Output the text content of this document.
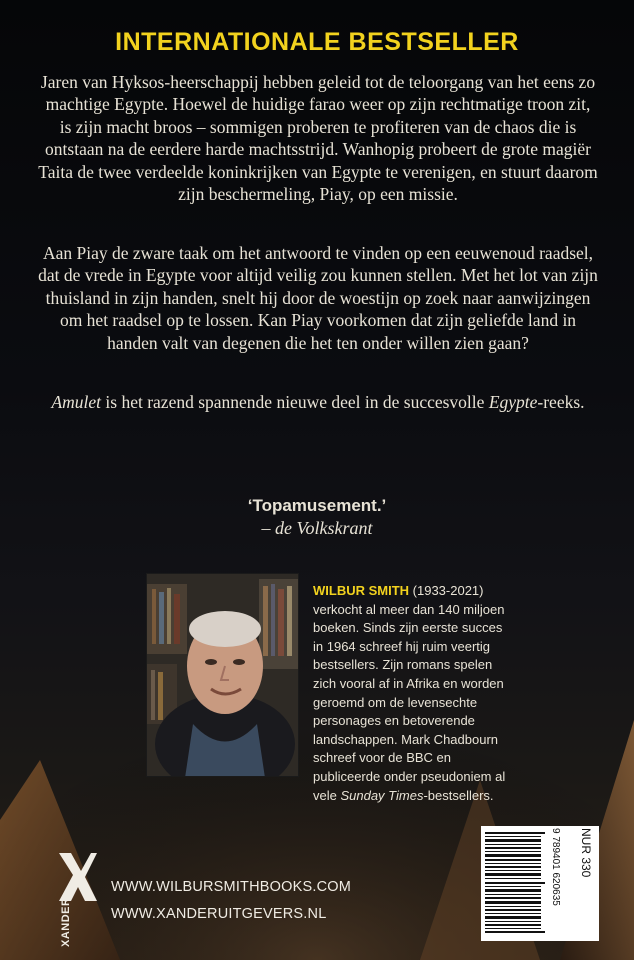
INTERNATIONALE BESTSELLER
Jaren van Hyksos-heerschappij hebben geleid tot de teloorgang van het eens zo machtige Egypte. Hoewel de huidige farao weer op zijn rechtmatige troon zit, is zijn macht broos – sommigen proberen te profiteren van de chaos die is ontstaan na de eerdere harde machtsstrijd. Wanhopig probeert de grote magiër Taita de twee verdeelde koninkrijken van Egypte te verenigen, en stuurt daarom zijn beschermeling, Piay, op een missie.
Aan Piay de zware taak om het antwoord te vinden op een eeuwenoud raadsel, dat de vrede in Egypte voor altijd veilig zou kunnen stellen. Met het lot van zijn thuisland in zijn handen, snelt hij door de woestijn op zoek naar aanwijzingen om het raadsel op te lossen. Kan Piay voorkomen dat zijn geliefde land in handen valt van degenen die het ten onder willen zien gaan?
Amulet is het razend spannende nieuwe deel in de succesvolle Egypte-reeks.
‘Topamusement.’
– de Volkskrant
WILBUR SMITH (1933-2021) verkocht al meer dan 140 miljoen boeken. Sinds zijn eerste succes in 1964 schreef hij ruim veertig bestsellers. Zijn romans spelen zich vooral af in Afrika en worden geroemd om de levensechte personages en betoverende landschappen. Mark Chadbourn schreef voor de BBC en publiceerde onder pseudoniem al vele Sunday Times-bestsellers.
XANDER
WWW.WILBURSMITHBOOKS.COM
WWW.XANDERUITGEVERS.NL
9 789401 620635 NUR 330
